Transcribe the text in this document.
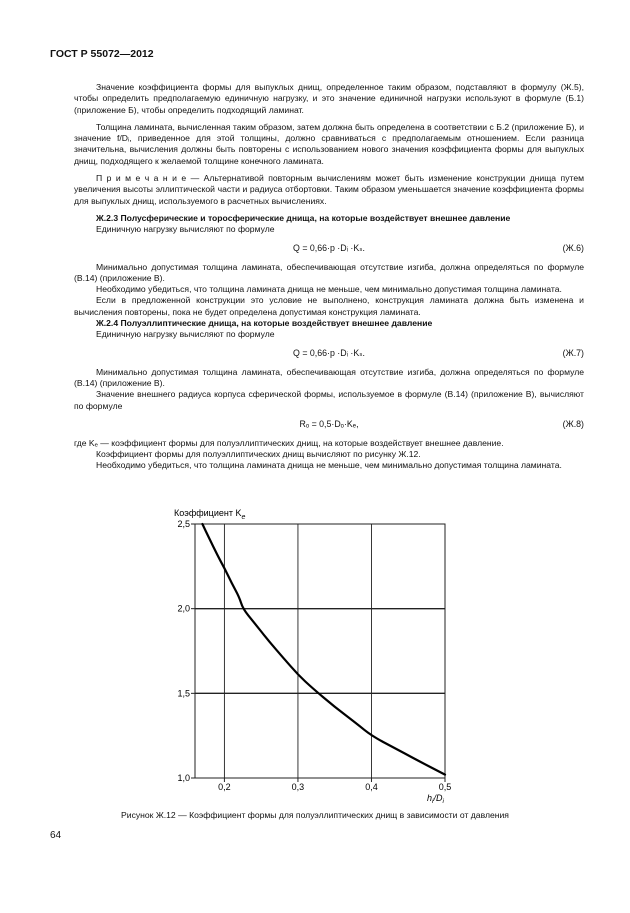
ГОСТ Р 55072—2012

Значение коэффициента формы для выпуклых днищ, определенное таким образом, подставляют в формулу (Ж.5), чтобы определить предполагаемую единичную нагрузку, и это значение единичной нагрузки используют в формуле (Б.1) (приложение Б), чтобы определить подходящий ламинат.

Толщина ламината, вычисленная таким образом, затем должна быть определена в соответствии с Б.2 (приложение Б), и значение f/Dᵢ, приведенное для этой толщины, должно сравниваться с предполагаемым отношением. Если разница значительна, вычисления должны быть повторены с использованием нового значения коэффициента формы для выпуклых днищ, подходящего к желаемой толщине конечного ламината.

П р и м е ч а н и е — Альтернативой повторным вычислениям может быть изменение конструкции днища путем увеличения высоты эллиптической части и радиуса отбортовки. Таким образом уменьшается значение коэффициента формы для выпуклых днищ, используемого в расчетных вычислениях.

Ж.2.3 Полусферические и торосферические днища, на которые воздействует внешнее давление

Единичную нагрузку вычисляют по формуле

Q = 0,66·p ·Dᵢ ·Kₛ.	(Ж.6)

Минимально допустимая толщина ламината, обеспечивающая отсутствие изгиба, должна определяться по формуле (В.14) (приложение В).

Необходимо убедиться, что толщина ламината днища не меньше, чем минимально допустимая толщина ламината.

Если в предложенной конструкции это условие не выполнено, конструкция ламината должна быть изменена и вычисления повторены, пока не будет определена допустимая конструкция ламината.

Ж.2.4 Полуэллиптические днища, на которые воздействует внешнее давление

Единичную нагрузку вычисляют по формуле

Q = 0,66·p ·Dᵢ ·Kₛ.	(Ж.7)

Минимально допустимая толщина ламината, обеспечивающая отсутствие изгиба, должна определяться по формуле (В.14) (приложение В).

Значение внешнего радиуса корпуса сферической формы, используемое в формуле (В.14) (приложение В), вычисляют по формуле

Rₒ = 0,5·Dₒ·Kₑ,	(Ж.8)

где Kₑ — коэффициент формы для полуэллиптических днищ, на которые воздействует внешнее давление.

Коэффициент формы для полуэллиптических днищ вычисляют по рисунку Ж.12.

Необходимо убедиться, что толщина ламината днища не меньше, чем минимально допустимая толщина ламината.

0,2	0,3	0,4	0,5
1,0
1,5
2,0
2,5
Коэффициент $K_e$
$h_i/D_i$
Рисунок Ж.12 — Коэффициент формы для полуэллиптических днищ в зависимости от давления
64
